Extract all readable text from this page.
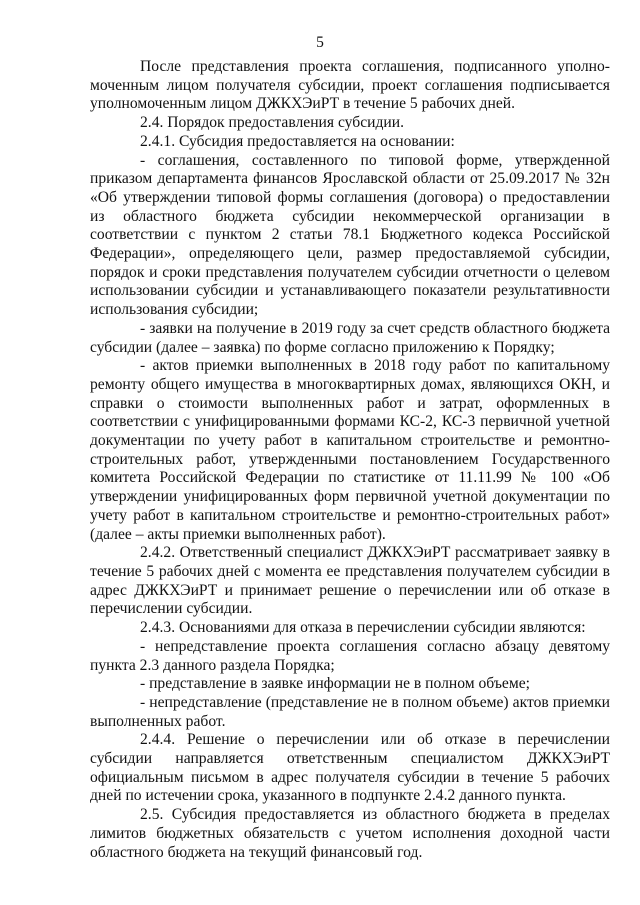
5

После представления проекта соглашения, подписанного уполно-моченным лицом получателя субсидии, проект соглашения подписывается уполномоченным лицом ДЖКХЭиРТ в течение 5 рабочих дней.

2.4. Порядок предоставления субсидии.

2.4.1. Субсидия предоставляется на основании:

- соглашения, составленного по типовой форме, утвержденной приказом департамента финансов Ярославской области от 25.09.2017 № 32н «Об утверждении типовой формы соглашения (договора) о предоставлении из областного бюджета субсидии некоммерческой организации в соответствии с пунктом 2 статьи 78.1 Бюджетного кодекса Российской Федерации», определяющего цели, размер предоставляемой субсидии, порядок и сроки представления получателем субсидии отчетности о целевом использовании субсидии и устанавливающего показатели результативности использования субсидии;

- заявки на получение в 2019 году за счет средств областного бюджета субсидии (далее – заявка) по форме согласно приложению к Порядку;

- актов приемки выполненных в 2018 году работ по капитальному ремонту общего имущества в многоквартирных домах, являющихся ОКН, и справки о стоимости выполненных работ и затрат, оформленных в соответствии с унифицированными формами КС-2, КС-3 первичной учетной документации по учету работ в капитальном строительстве и ремонтно-строительных работ, утвержденными постановлением Государственного комитета Российской Федерации по статистике от 11.11.99 № 100 «Об утверждении унифицированных форм первичной учетной документации по учету работ в капитальном строительстве и ремонтно-строительных работ» (далее – акты приемки выполненных работ).

2.4.2. Ответственный специалист ДЖКХЭиРТ рассматривает заявку в течение 5 рабочих дней с момента ее представления получателем субсидии в адрес ДЖКХЭиРТ и принимает решение о перечислении или об отказе в перечислении субсидии.

2.4.3. Основаниями для отказа в перечислении субсидии являются:

- непредставление проекта соглашения согласно абзацу девятому пункта 2.3 данного раздела Порядка;

- представление в заявке информации не в полном объеме;

- непредставление (представление не в полном объеме) актов приемки выполненных работ.

2.4.4. Решение о перечислении или об отказе в перечислении субсидии направляется ответственным специалистом ДЖКХЭиРТ официальным письмом в адрес получателя субсидии в течение 5 рабочих дней по истечении срока, указанного в подпункте 2.4.2 данного пункта.

2.5. Субсидия предоставляется из областного бюджета в пределах лимитов бюджетных обязательств с учетом исполнения доходной части областного бюджета на текущий финансовый год.
